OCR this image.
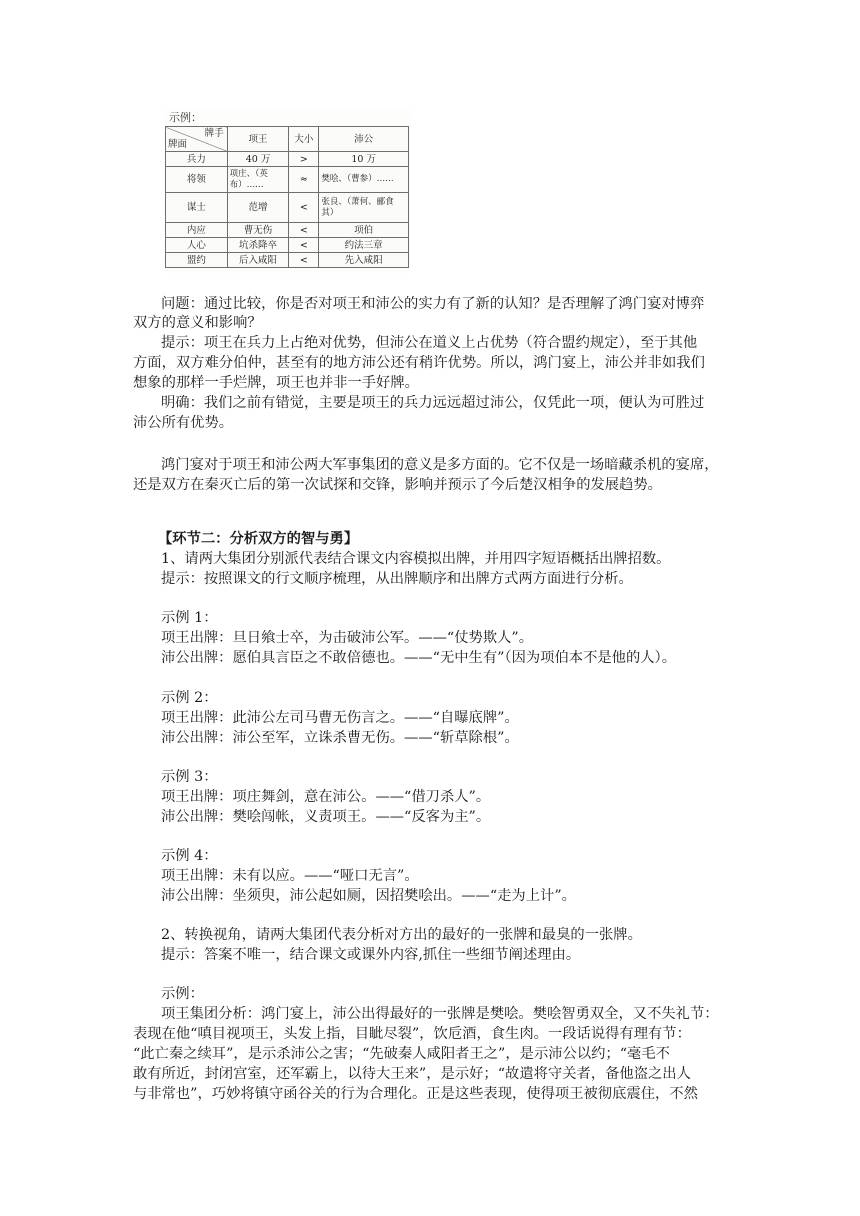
示例：
牌手
牌面	项王	大小	沛公
兵力	40 万	>	10 万
将领	项庄、（英布）……	≈	樊哙、（曹参）……
谋士	范增	<	张良、（萧何、郦食其）
内应	曹无伤	<	项伯
人心	坑杀降卒	<	约法三章
盟约	后入咸阳	<	先入咸阳
问题：通过比较，你是否对项王和沛公的实力有了新的认知？是否理解了鸿门宴对博弈
双方的意义和影响？
提示：项王在兵力上占绝对优势，但沛公在道义上占优势（符合盟约规定），至于其他
方面，双方难分伯仲，甚至有的地方沛公还有稍许优势。所以，鸿门宴上，沛公并非如我们
想象的那样一手烂牌，项王也并非一手好牌。
明确：我们之前有错觉，主要是项王的兵力远远超过沛公，仅凭此一项，便认为可胜过
沛公所有优势。
鸿门宴对于项王和沛公两大军事集团的意义是多方面的。它不仅是一场暗藏杀机的宴席，
还是双方在秦灭亡后的第一次试探和交锋，影响并预示了今后楚汉相争的发展趋势。
【环节二：分析双方的智与勇】
1、请两大集团分别派代表结合课文内容模拟出牌，并用四字短语概括出牌招数。
提示：按照课文的行文顺序梳理，从出牌顺序和出牌方式两方面进行分析。
示例 1：
项王出牌：旦日飨士卒，为击破沛公军。——“仗势欺人”。
沛公出牌：愿伯具言臣之不敢倍德也。——“无中生有”（因为项伯本不是他的人）。
示例 2：
项王出牌：此沛公左司马曹无伤言之。——“自曝底牌”。
沛公出牌：沛公至军，立诛杀曹无伤。——“斩草除根”。
示例 3：
项王出牌：项庄舞剑，意在沛公。——“借刀杀人”。
沛公出牌：樊哙闯帐，义责项王。——“反客为主”。
示例 4：
项王出牌：未有以应。——“哑口无言”。
沛公出牌：坐须臾，沛公起如厕，因招樊哙出。——“走为上计”。
2、转换视角，请两大集团代表分析对方出的最好的一张牌和最臭的一张牌。
提示：答案不唯一，结合课文或课外内容,抓住一些细节阐述理由。
示例：
项王集团分析：鸿门宴上，沛公出得最好的一张牌是樊哙。樊哙智勇双全，又不失礼节：
表现在他“嗔目视项王，头发上指，目眦尽裂”，饮卮酒，食生肉。一段话说得有理有节：
“此亡秦之续耳”，是示杀沛公之害；“先破秦人咸阳者王之”，是示沛公以约；“毫毛不
敢有所近，封闭宫室，还军霸上，以待大王来”，是示好；“故遣将守关者，备他盗之出人
与非常也”，巧妙将镇守函谷关的行为合理化。正是这些表现，使得项王被彻底震住，不然
